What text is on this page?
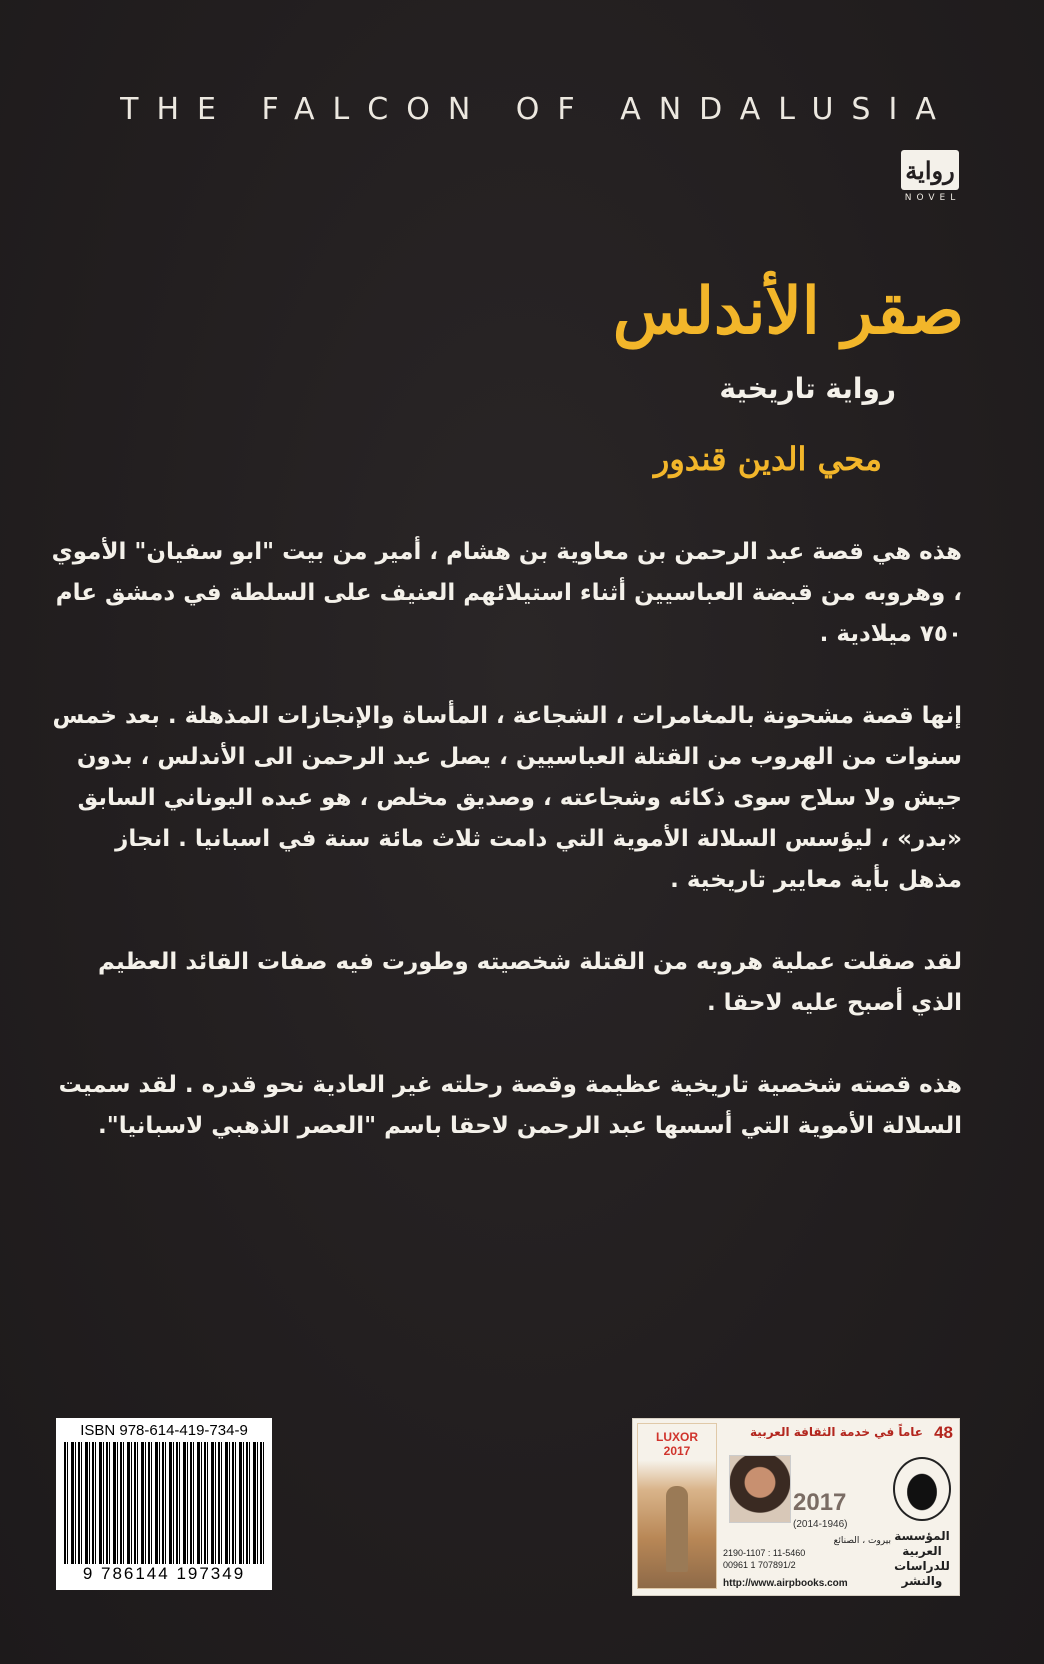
THE FALCON OF ANDALUSIA
رواية
NOVEL
صقر الأندلس
رواية تاريخية
محي الدين قندور

هذه هي قصة عبد الرحمن بن معاوية بن هشام ، أمير من بيت "ابو سفيان" الأموي ، وهروبه من قبضة العباسيين أثناء استيلائهم العنيف على السلطة في دمشق عام ٧٥٠ ميلادية .

إنها قصة مشحونة بالمغامرات ، الشجاعة ، المأساة والإنجازات المذهلة . بعد خمس سنوات من الهروب من القتلة العباسيين ، يصل عبد الرحمن الى الأندلس ، بدون جيش ولا سلاح سوى ذكائه وشجاعته ، وصديق مخلص ، هو عبده اليوناني السابق «بدر» ، ليؤسس السلالة الأموية التي دامت ثلاث مائة سنة في اسبانيا . انجاز مذهل بأية معايير تاريخية .

لقد صقلت عملية هروبه من القتلة شخصيته وطورت فيه صفات القائد العظيم الذي أصبح عليه لاحقا .

هذه قصته شخصية تاريخية عظيمة وقصة رحلته غير العادية نحو قدره . لقد سميت السلالة الأموية التي أسسها عبد الرحمن لاحقا باسم "العصر الذهبي لاسبانيا".

ISBN 978-614-419-734-9
9 786144 197349
LUXOR
2017
48
عاماً في خدمة الثقافة العربية
2017
(2014-1946)
المؤسسة
العربية
للدراسات
والنشر
بيروت ، الصنائع
2190-1107 : 11-5460
00961 1 707891/2
http://www.airpbooks.com
